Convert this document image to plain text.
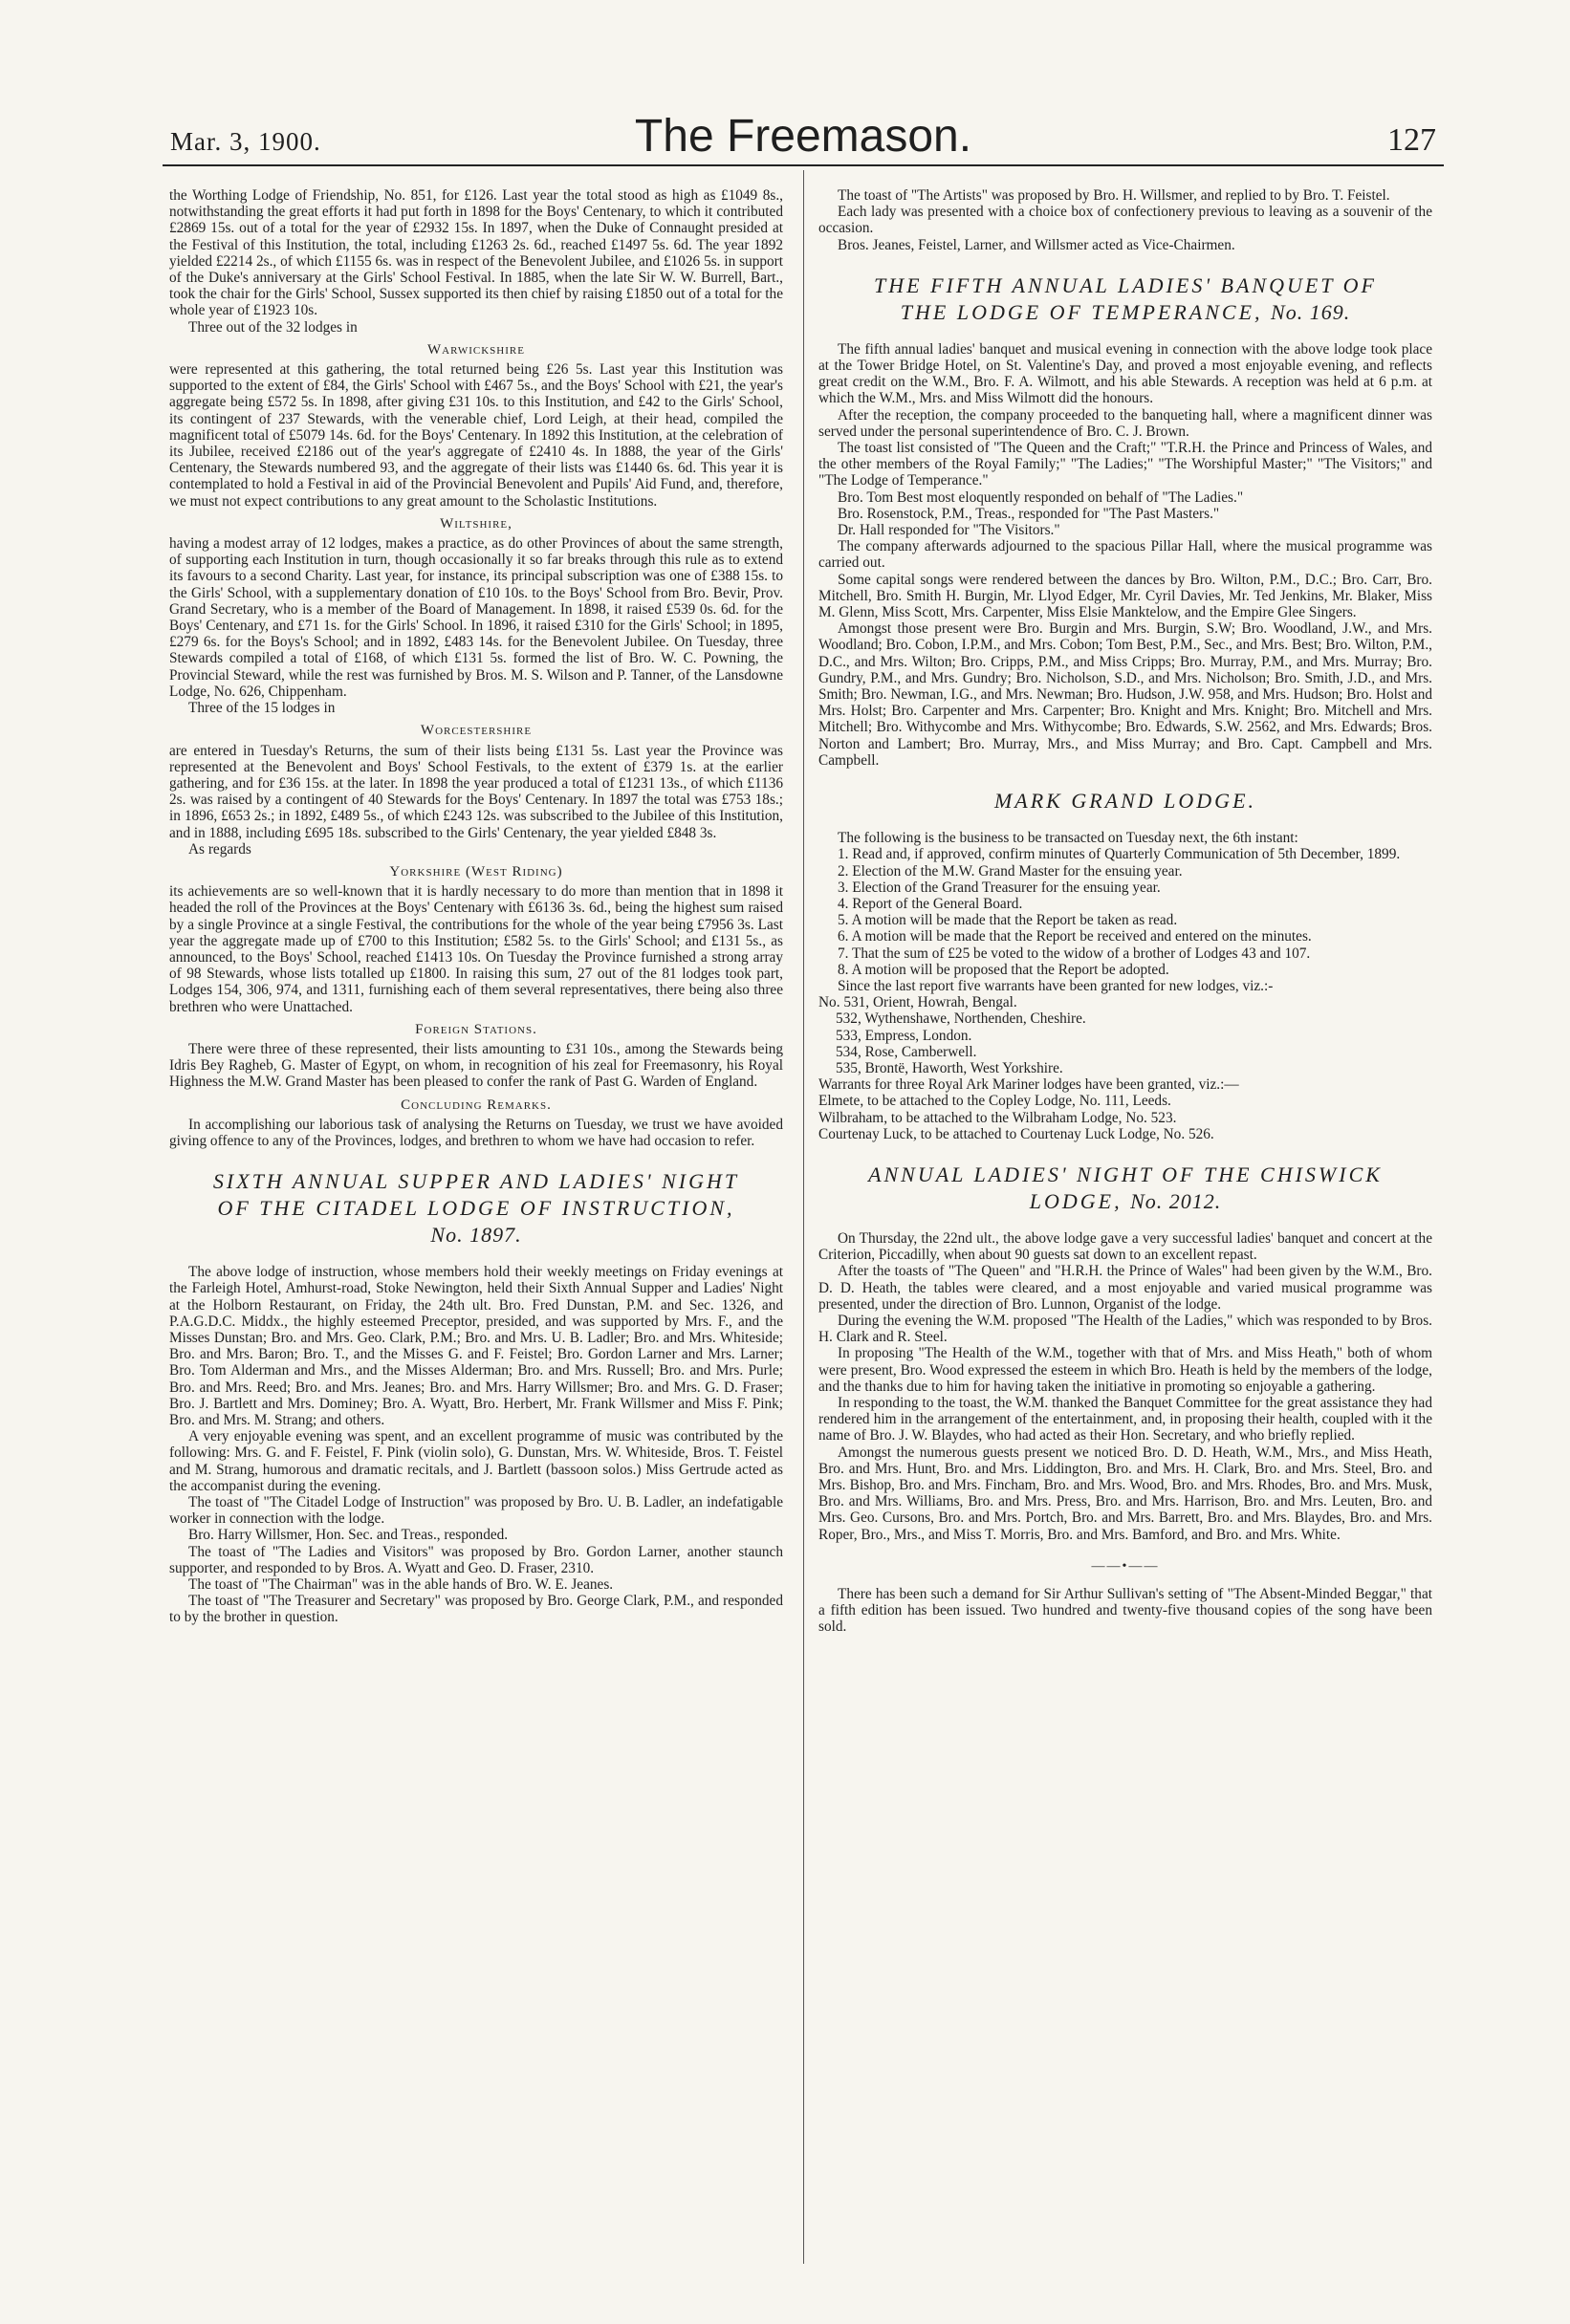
Mar. 3, 1900.	The Freemason.	127

the Worthing Lodge of Friendship, No. 851, for £126. Last year the total stood as high as £1049 8s., notwithstanding the great efforts it had put forth in 1898 for the Boys' Centenary, to which it contributed £2869 15s. out of a total for the year of £2932 15s. In 1897, when the Duke of Connaught presided at the Festival of this Institution, the total, including £1263 2s. 6d., reached £1497 5s. 6d. The year 1892 yielded £2214 2s., of which £1155 6s. was in respect of the Benevolent Jubilee, and £1026 5s. in support of the Duke's anniversary at the Girls' School Festival. In 1885, when the late Sir W. W. Burrell, Bart., took the chair for the Girls' School, Sussex supported its then chief by raising £1850 out of a total for the whole year of £1923 10s.

Three out of the 32 lodges in

Warwickshire

were represented at this gathering, the total returned being £26 5s. Last year this Institution was supported to the extent of £84, the Girls' School with £467 5s., and the Boys' School with £21, the year's aggregate being £572 5s. In 1898, after giving £31 10s. to this Institution, and £42 to the Girls' School, its contingent of 237 Stewards, with the venerable chief, Lord Leigh, at their head, compiled the magnificent total of £5079 14s. 6d. for the Boys' Centenary. In 1892 this Institution, at the celebration of its Jubilee, received £2186 out of the year's aggregate of £2410 4s. In 1888, the year of the Girls' Centenary, the Stewards numbered 93, and the aggregate of their lists was £1440 6s. 6d. This year it is contemplated to hold a Festival in aid of the Provincial Benevolent and Pupils' Aid Fund, and, therefore, we must not expect contributions to any great amount to the Scholastic Institutions.

Wiltshire,

having a modest array of 12 lodges, makes a practice, as do other Provinces of about the same strength, of supporting each Institution in turn, though occasionally it so far breaks through this rule as to extend its favours to a second Charity. Last year, for instance, its principal subscription was one of £388 15s. to the Girls' School, with a supplementary donation of £10 10s. to the Boys' School from Bro. Bevir, Prov. Grand Secretary, who is a member of the Board of Management. In 1898, it raised £539 0s. 6d. for the Boys' Centenary, and £71 1s. for the Girls' School. In 1896, it raised £310 for the Girls' School; in 1895, £279 6s. for the Boys's School; and in 1892, £483 14s. for the Benevolent Jubilee. On Tuesday, three Stewards compiled a total of £168, of which £131 5s. formed the list of Bro. W. C. Powning, the Provincial Steward, while the rest was furnished by Bros. M. S. Wilson and P. Tanner, of the Lansdowne Lodge, No. 626, Chippenham.

Three of the 15 lodges in

Worcestershire

are entered in Tuesday's Returns, the sum of their lists being £131 5s. Last year the Province was represented at the Benevolent and Boys' School Festivals, to the extent of £379 1s. at the earlier gathering, and for £36 15s. at the later. In 1898 the year produced a total of £1231 13s., of which £1136 2s. was raised by a contingent of 40 Stewards for the Boys' Centenary. In 1897 the total was £753 18s.; in 1896, £653 2s.; in 1892, £489 5s., of which £243 12s. was subscribed to the Jubilee of this Institution, and in 1888, including £695 18s. subscribed to the Girls' Centenary, the year yielded £848 3s.

As regards

Yorkshire (West Riding)

its achievements are so well-known that it is hardly necessary to do more than mention that in 1898 it headed the roll of the Provinces at the Boys' Centenary with £6136 3s. 6d., being the highest sum raised by a single Province at a single Festival, the contributions for the whole of the year being £7956 3s. Last year the aggregate made up of £700 to this Institution; £582 5s. to the Girls' School; and £131 5s., as announced, to the Boys' School, reached £1413 10s. On Tuesday the Province furnished a strong array of 98 Stewards, whose lists totalled up £1800. In raising this sum, 27 out of the 81 lodges took part, Lodges 154, 306, 974, and 1311, furnishing each of them several representatives, there being also three brethren who were Unattached.

Foreign Stations.

There were three of these represented, their lists amounting to £31 10s., among the Stewards being Idris Bey Ragheb, G. Master of Egypt, on whom, in recognition of his zeal for Freemasonry, his Royal Highness the M.W. Grand Master has been pleased to confer the rank of Past G. Warden of England.

Concluding Remarks.

In accomplishing our laborious task of analysing the Returns on Tuesday, we trust we have avoided giving offence to any of the Provinces, lodges, and brethren to whom we have had occasion to refer.

SIXTH ANNUAL SUPPER AND LADIES' NIGHT
OF THE CITADEL LODGE OF INSTRUCTION,
No. 1897.

The above lodge of instruction, whose members hold their weekly meetings on Friday evenings at the Farleigh Hotel, Amhurst-road, Stoke Newington, held their Sixth Annual Supper and Ladies' Night at the Holborn Restaurant, on Friday, the 24th ult. Bro. Fred Dunstan, P.M. and Sec. 1326, and P.A.G.D.C. Middx., the highly esteemed Preceptor, presided, and was supported by Mrs. F., and the Misses Dunstan; Bro. and Mrs. Geo. Clark, P.M.; Bro. and Mrs. U. B. Ladler; Bro. and Mrs. Whiteside; Bro. and Mrs. Baron; Bro. T., and the Misses G. and F. Feistel; Bro. Gordon Larner and Mrs. Larner; Bro. Tom Alderman and Mrs., and the Misses Alderman; Bro. and Mrs. Russell; Bro. and Mrs. Purle; Bro. and Mrs. Reed; Bro. and Mrs. Jeanes; Bro. and Mrs. Harry Willsmer; Bro. and Mrs. G. D. Fraser; Bro. J. Bartlett and Mrs. Dominey; Bro. A. Wyatt, Bro. Herbert, Mr. Frank Willsmer and Miss F. Pink; Bro. and Mrs. M. Strang; and others.

A very enjoyable evening was spent, and an excellent programme of music was contributed by the following: Mrs. G. and F. Feistel, F. Pink (violin solo), G. Dunstan, Mrs. W. Whiteside, Bros. T. Feistel and M. Strang, humorous and dramatic recitals, and J. Bartlett (bassoon solos.) Miss Gertrude acted as the accompanist during the evening.

The toast of "The Citadel Lodge of Instruction" was proposed by Bro. U. B. Ladler, an indefatigable worker in connection with the lodge.

Bro. Harry Willsmer, Hon. Sec. and Treas., responded.

The toast of "The Ladies and Visitors" was proposed by Bro. Gordon Larner, another staunch supporter, and responded to by Bros. A. Wyatt and Geo. D. Fraser, 2310.

The toast of "The Chairman" was in the able hands of Bro. W. E. Jeanes.

The toast of "The Treasurer and Secretary" was proposed by Bro. George Clark, P.M., and responded to by the brother in question.

The toast of "The Artists" was proposed by Bro. H. Willsmer, and replied to by Bro. T. Feistel.

Each lady was presented with a choice box of confectionery previous to leaving as a souvenir of the occasion.

Bros. Jeanes, Feistel, Larner, and Willsmer acted as Vice-Chairmen.

THE FIFTH ANNUAL LADIES' BANQUET OF
THE LODGE OF TEMPERANCE, No. 169.

The fifth annual ladies' banquet and musical evening in connection with the above lodge took place at the Tower Bridge Hotel, on St. Valentine's Day, and proved a most enjoyable evening, and reflects great credit on the W.M., Bro. F. A. Wilmott, and his able Stewards. A reception was held at 6 p.m. at which the W.M., Mrs. and Miss Wilmott did the honours.

After the reception, the company proceeded to the banqueting hall, where a magnificent dinner was served under the personal superintendence of Bro. C. J. Brown.

The toast list consisted of "The Queen and the Craft;" "T.R.H. the Prince and Princess of Wales, and the other members of the Royal Family;" "The Ladies;" "The Worshipful Master;" "The Visitors;" and "The Lodge of Temperance."

Bro. Tom Best most eloquently responded on behalf of "The Ladies."

Bro. Rosenstock, P.M., Treas., responded for "The Past Masters."

Dr. Hall responded for "The Visitors."

The company afterwards adjourned to the spacious Pillar Hall, where the musical programme was carried out.

Some capital songs were rendered between the dances by Bro. Wilton, P.M., D.C.; Bro. Carr, Bro. Mitchell, Bro. Smith H. Burgin, Mr. Llyod Edger, Mr. Cyril Davies, Mr. Ted Jenkins, Mr. Blaker, Miss M. Glenn, Miss Scott, Mrs. Carpenter, Miss Elsie Manktelow, and the Empire Glee Singers.

Amongst those present were Bro. Burgin and Mrs. Burgin, S.W; Bro. Woodland, J.W., and Mrs. Woodland; Bro. Cobon, I.P.M., and Mrs. Cobon; Tom Best, P.M., Sec., and Mrs. Best; Bro. Wilton, P.M., D.C., and Mrs. Wilton; Bro. Cripps, P.M., and Miss Cripps; Bro. Murray, P.M., and Mrs. Murray; Bro. Gundry, P.M., and Mrs. Gundry; Bro. Nicholson, S.D., and Mrs. Nicholson; Bro. Smith, J.D., and Mrs. Smith; Bro. Newman, I.G., and Mrs. Newman; Bro. Hudson, J.W. 958, and Mrs. Hudson; Bro. Holst and Mrs. Holst; Bro. Carpenter and Mrs. Carpenter; Bro. Knight and Mrs. Knight; Bro. Mitchell and Mrs. Mitchell; Bro. Withycombe and Mrs. Withycombe; Bro. Edwards, S.W. 2562, and Mrs. Edwards; Bros. Norton and Lambert; Bro. Murray, Mrs., and Miss Murray; and Bro. Capt. Campbell and Mrs. Campbell.

MARK GRAND LODGE.

The following is the business to be transacted on Tuesday next, the 6th instant:

1. Read and, if approved, confirm minutes of Quarterly Communication of 5th December, 1899.

2. Election of the M.W. Grand Master for the ensuing year.

3. Election of the Grand Treasurer for the ensuing year.

4. Report of the General Board.

5. A motion will be made that the Report be taken as read.

6. A motion will be made that the Report be received and entered on the minutes.

7. That the sum of £25 be voted to the widow of a brother of Lodges 43 and 107.

8. A motion will be proposed that the Report be adopted.

Since the last report five warrants have been granted for new lodges, viz.:-

No. 531, Orient, Howrah, Bengal.

532, Wythenshawe, Northenden, Cheshire.

533, Empress, London.

534, Rose, Camberwell.

535, Brontë, Haworth, West Yorkshire.

Warrants for three Royal Ark Mariner lodges have been granted, viz.:—

Elmete, to be attached to the Copley Lodge, No. 111, Leeds.

Wilbraham, to be attached to the Wilbraham Lodge, No. 523.

Courtenay Luck, to be attached to Courtenay Luck Lodge, No. 526.

ANNUAL LADIES' NIGHT OF THE CHISWICK
LODGE, No. 2012.

On Thursday, the 22nd ult., the above lodge gave a very successful ladies' banquet and concert at the Criterion, Piccadilly, when about 90 guests sat down to an excellent repast.

After the toasts of "The Queen" and "H.R.H. the Prince of Wales" had been given by the W.M., Bro. D. D. Heath, the tables were cleared, and a most enjoyable and varied musical programme was presented, under the direction of Bro. Lunnon, Organist of the lodge.

During the evening the W.M. proposed "The Health of the Ladies," which was responded to by Bros. H. Clark and R. Steel.

In proposing "The Health of the W.M., together with that of Mrs. and Miss Heath," both of whom were present, Bro. Wood expressed the esteem in which Bro. Heath is held by the members of the lodge, and the thanks due to him for having taken the initiative in promoting so enjoyable a gathering.

In responding to the toast, the W.M. thanked the Banquet Committee for the great assistance they had rendered him in the arrangement of the entertainment, and, in proposing their health, coupled with it the name of Bro. J. W. Blaydes, who had acted as their Hon. Secretary, and who briefly replied.

Amongst the numerous guests present we noticed Bro. D. D. Heath, W.M., Mrs., and Miss Heath, Bro. and Mrs. Hunt, Bro. and Mrs. Liddington, Bro. and Mrs. H. Clark, Bro. and Mrs. Steel, Bro. and Mrs. Bishop, Bro. and Mrs. Fincham, Bro. and Mrs. Wood, Bro. and Mrs. Rhodes, Bro. and Mrs. Musk, Bro. and Mrs. Williams, Bro. and Mrs. Press, Bro. and Mrs. Harrison, Bro. and Mrs. Leuten, Bro. and Mrs. Geo. Cursons, Bro. and Mrs. Portch, Bro. and Mrs. Barrett, Bro. and Mrs. Blaydes, Bro. and Mrs. Roper, Bro., Mrs., and Miss T. Morris, Bro. and Mrs. Bamford, and Bro. and Mrs. White.

——•——

There has been such a demand for Sir Arthur Sullivan's setting of "The Absent-Minded Beggar," that a fifth edition has been issued. Two hundred and twenty-five thousand copies of the song have been sold.
